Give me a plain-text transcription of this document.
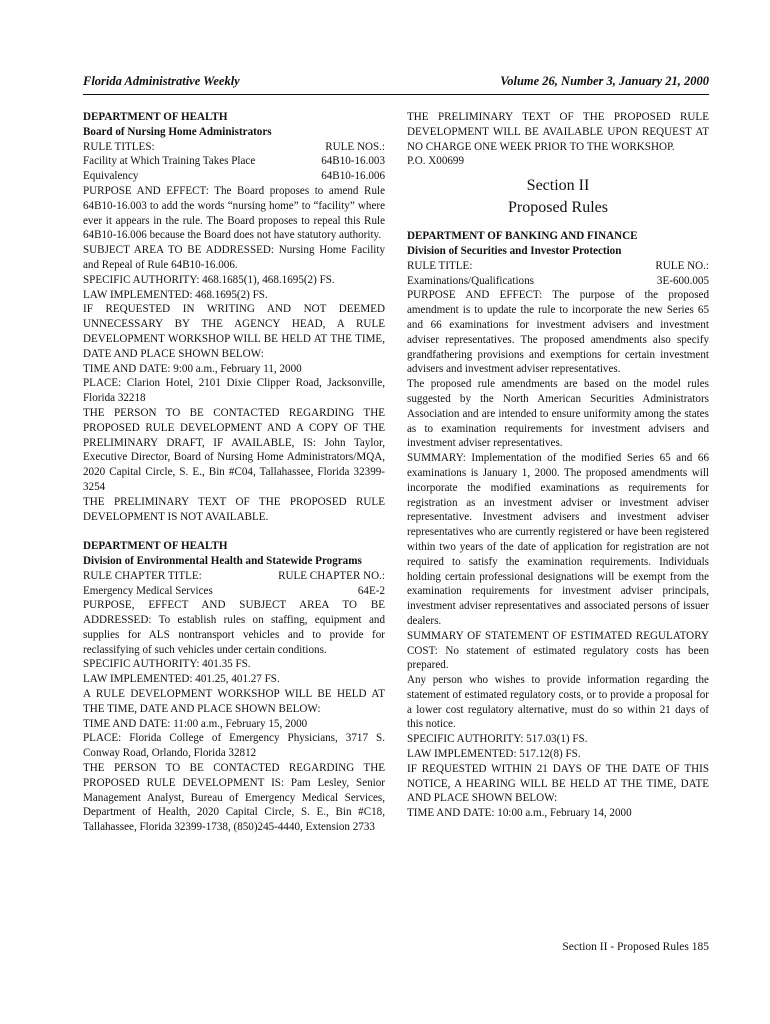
Florida Administrative Weekly	Volume 26, Number 3, January 21, 2000

DEPARTMENT OF HEALTH

Board of Nursing Home Administrators

RULE TITLES:	RULE NOS.:
Facility at Which Training Takes Place	64B10-16.003
Equivalency	64B10-16.006

PURPOSE AND EFFECT: The Board proposes to amend Rule 64B10-16.003 to add the words “nursing home” to “facility” where ever it appears in the rule. The Board proposes to repeal this Rule 64B10-16.006 because the Board does not have statutory authority.

SUBJECT AREA TO BE ADDRESSED: Nursing Home Facility and Repeal of Rule 64B10-16.006.

SPECIFIC AUTHORITY: 468.1685(1), 468.1695(2) FS.

LAW IMPLEMENTED: 468.1695(2) FS.

IF REQUESTED IN WRITING AND NOT DEEMED UNNECESSARY BY THE AGENCY HEAD, A RULE DEVELOPMENT WORKSHOP WILL BE HELD AT THE TIME, DATE AND PLACE SHOWN BELOW:

TIME AND DATE: 9:00 a.m., February 11, 2000

PLACE: Clarion Hotel, 2101 Dixie Clipper Road, Jacksonville, Florida 32218

THE PERSON TO BE CONTACTED REGARDING THE PROPOSED RULE DEVELOPMENT AND A COPY OF THE PRELIMINARY DRAFT, IF AVAILABLE, IS: John Taylor, Executive Director, Board of Nursing Home Administrators/MQA, 2020 Capital Circle, S. E., Bin #C04, Tallahassee, Florida 32399-3254

THE PRELIMINARY TEXT OF THE PROPOSED RULE DEVELOPMENT IS NOT AVAILABLE.

DEPARTMENT OF HEALTH

Division of Environmental Health and Statewide Programs

RULE CHAPTER TITLE:	RULE CHAPTER NO.:
Emergency Medical Services	64E-2

PURPOSE, EFFECT AND SUBJECT AREA TO BE ADDRESSED: To establish rules on staffing, equipment and supplies for ALS nontransport vehicles and to provide for reclassifying of such vehicles under certain conditions.

SPECIFIC AUTHORITY: 401.35 FS.

LAW IMPLEMENTED: 401.25, 401.27 FS.

A RULE DEVELOPMENT WORKSHOP WILL BE HELD AT THE TIME, DATE AND PLACE SHOWN BELOW:

TIME AND DATE: 11:00 a.m., February 15, 2000

PLACE: Florida College of Emergency Physicians, 3717 S. Conway Road, Orlando, Florida 32812

THE PERSON TO BE CONTACTED REGARDING THE PROPOSED RULE DEVELOPMENT IS: Pam Lesley, Senior Management Analyst, Bureau of Emergency Medical Services, Department of Health, 2020 Capital Circle, S. E., Bin #C18, Tallahassee, Florida 32399-1738, (850)245-4440, Extension 2733

THE PRELIMINARY TEXT OF THE PROPOSED RULE DEVELOPMENT WILL BE AVAILABLE UPON REQUEST AT NO CHARGE ONE WEEK PRIOR TO THE WORKSHOP.

P.O. X00699

Section II
Proposed Rules

DEPARTMENT OF BANKING AND FINANCE

Division of Securities and Investor Protection

RULE TITLE:	RULE NO.:
Examinations/Qualifications	3E-600.005

PURPOSE AND EFFECT: The purpose of the proposed amendment is to update the rule to incorporate the new Series 65 and 66 examinations for investment advisers and investment adviser representatives. The proposed amendments also specify grandfathering provisions and exemptions for certain investment advisers and investment adviser representatives.

The proposed rule amendments are based on the model rules suggested by the North American Securities Administrators Association and are intended to ensure uniformity among the states as to examination requirements for investment advisers and investment adviser representatives.

SUMMARY: Implementation of the modified Series 65 and 66 examinations is January 1, 2000. The proposed amendments will incorporate the modified examinations as requirements for registration as an investment adviser or investment adviser representative. Investment advisers and investment adviser representatives who are currently registered or have been registered within two years of the date of application for registration are not required to satisfy the examination requirements. Individuals holding certain professional designations will be exempt from the examination requirements for investment adviser principals, investment adviser representatives and associated persons of issuer dealers.

SUMMARY OF STATEMENT OF ESTIMATED REGULATORY COST: No statement of estimated regulatory costs has been prepared.

Any person who wishes to provide information regarding the statement of estimated regulatory costs, or to provide a proposal for a lower cost regulatory alternative, must do so within 21 days of this notice.

SPECIFIC AUTHORITY: 517.03(1) FS.

LAW IMPLEMENTED: 517.12(8) FS.

IF REQUESTED WITHIN 21 DAYS OF THE DATE OF THIS NOTICE, A HEARING WILL BE HELD AT THE TIME, DATE AND PLACE SHOWN BELOW:

TIME AND DATE: 10:00 a.m., February 14, 2000

Section II - Proposed Rules 185
